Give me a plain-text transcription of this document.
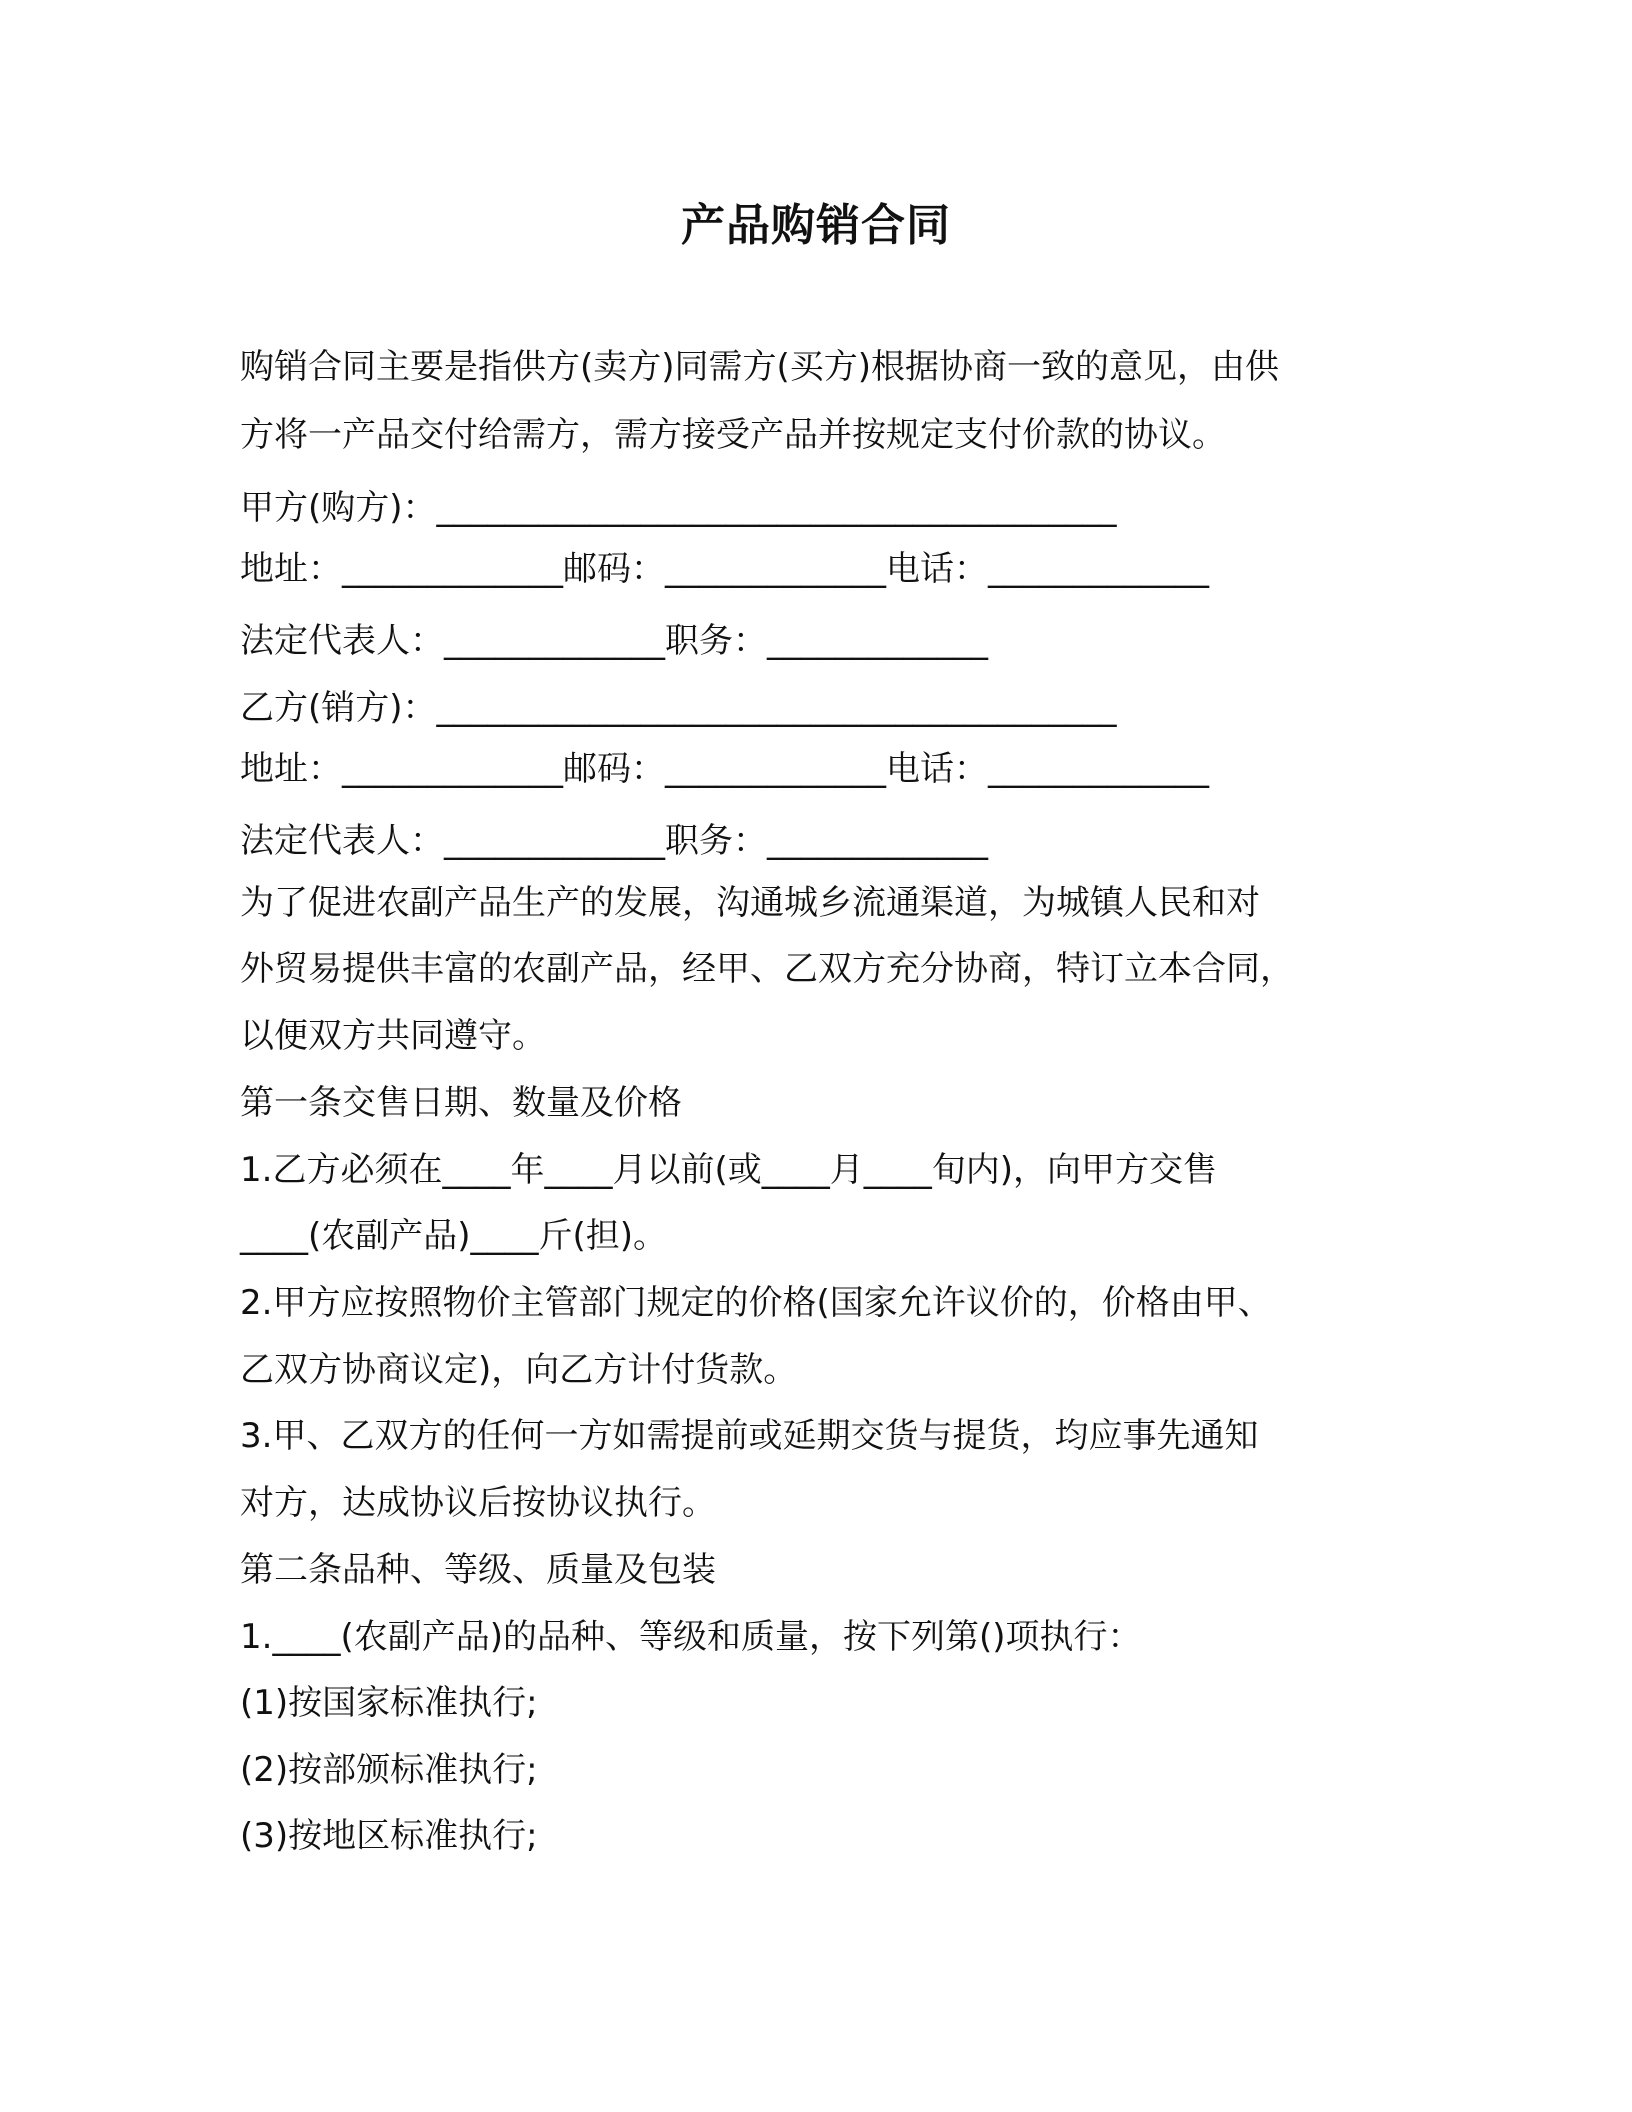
产品购销合同
购销合同主要是指供方(卖方)同需方(买方)根据协商一致的意见，由供
方将一产品交付给需方，需方接受产品并按规定支付价款的协议。
甲方(购方)：________________________________________
地址：_____________邮码：_____________电话：_____________
法定代表人：_____________职务：_____________
乙方(销方)：________________________________________
地址：_____________邮码：_____________电话：_____________
法定代表人：_____________职务：_____________
为了促进农副产品生产的发展，沟通城乡流通渠道，为城镇人民和对
外贸易提供丰富的农副产品，经甲、乙双方充分协商，特订立本合同，
以便双方共同遵守。
第一条交售日期、数量及价格
1.乙方必须在____年____月以前(或____月____旬内)，向甲方交售
____(农副产品)____斤(担)。
2.甲方应按照物价主管部门规定的价格(国家允许议价的，价格由甲、
乙双方协商议定)，向乙方计付货款。
3.甲、乙双方的任何一方如需提前或延期交货与提货，均应事先通知
对方，达成协议后按协议执行。
第二条品种、等级、质量及包装
1.____(农副产品)的品种、等级和质量，按下列第()项执行：
(1)按国家标准执行;
(2)按部颁标准执行;
(3)按地区标准执行;
